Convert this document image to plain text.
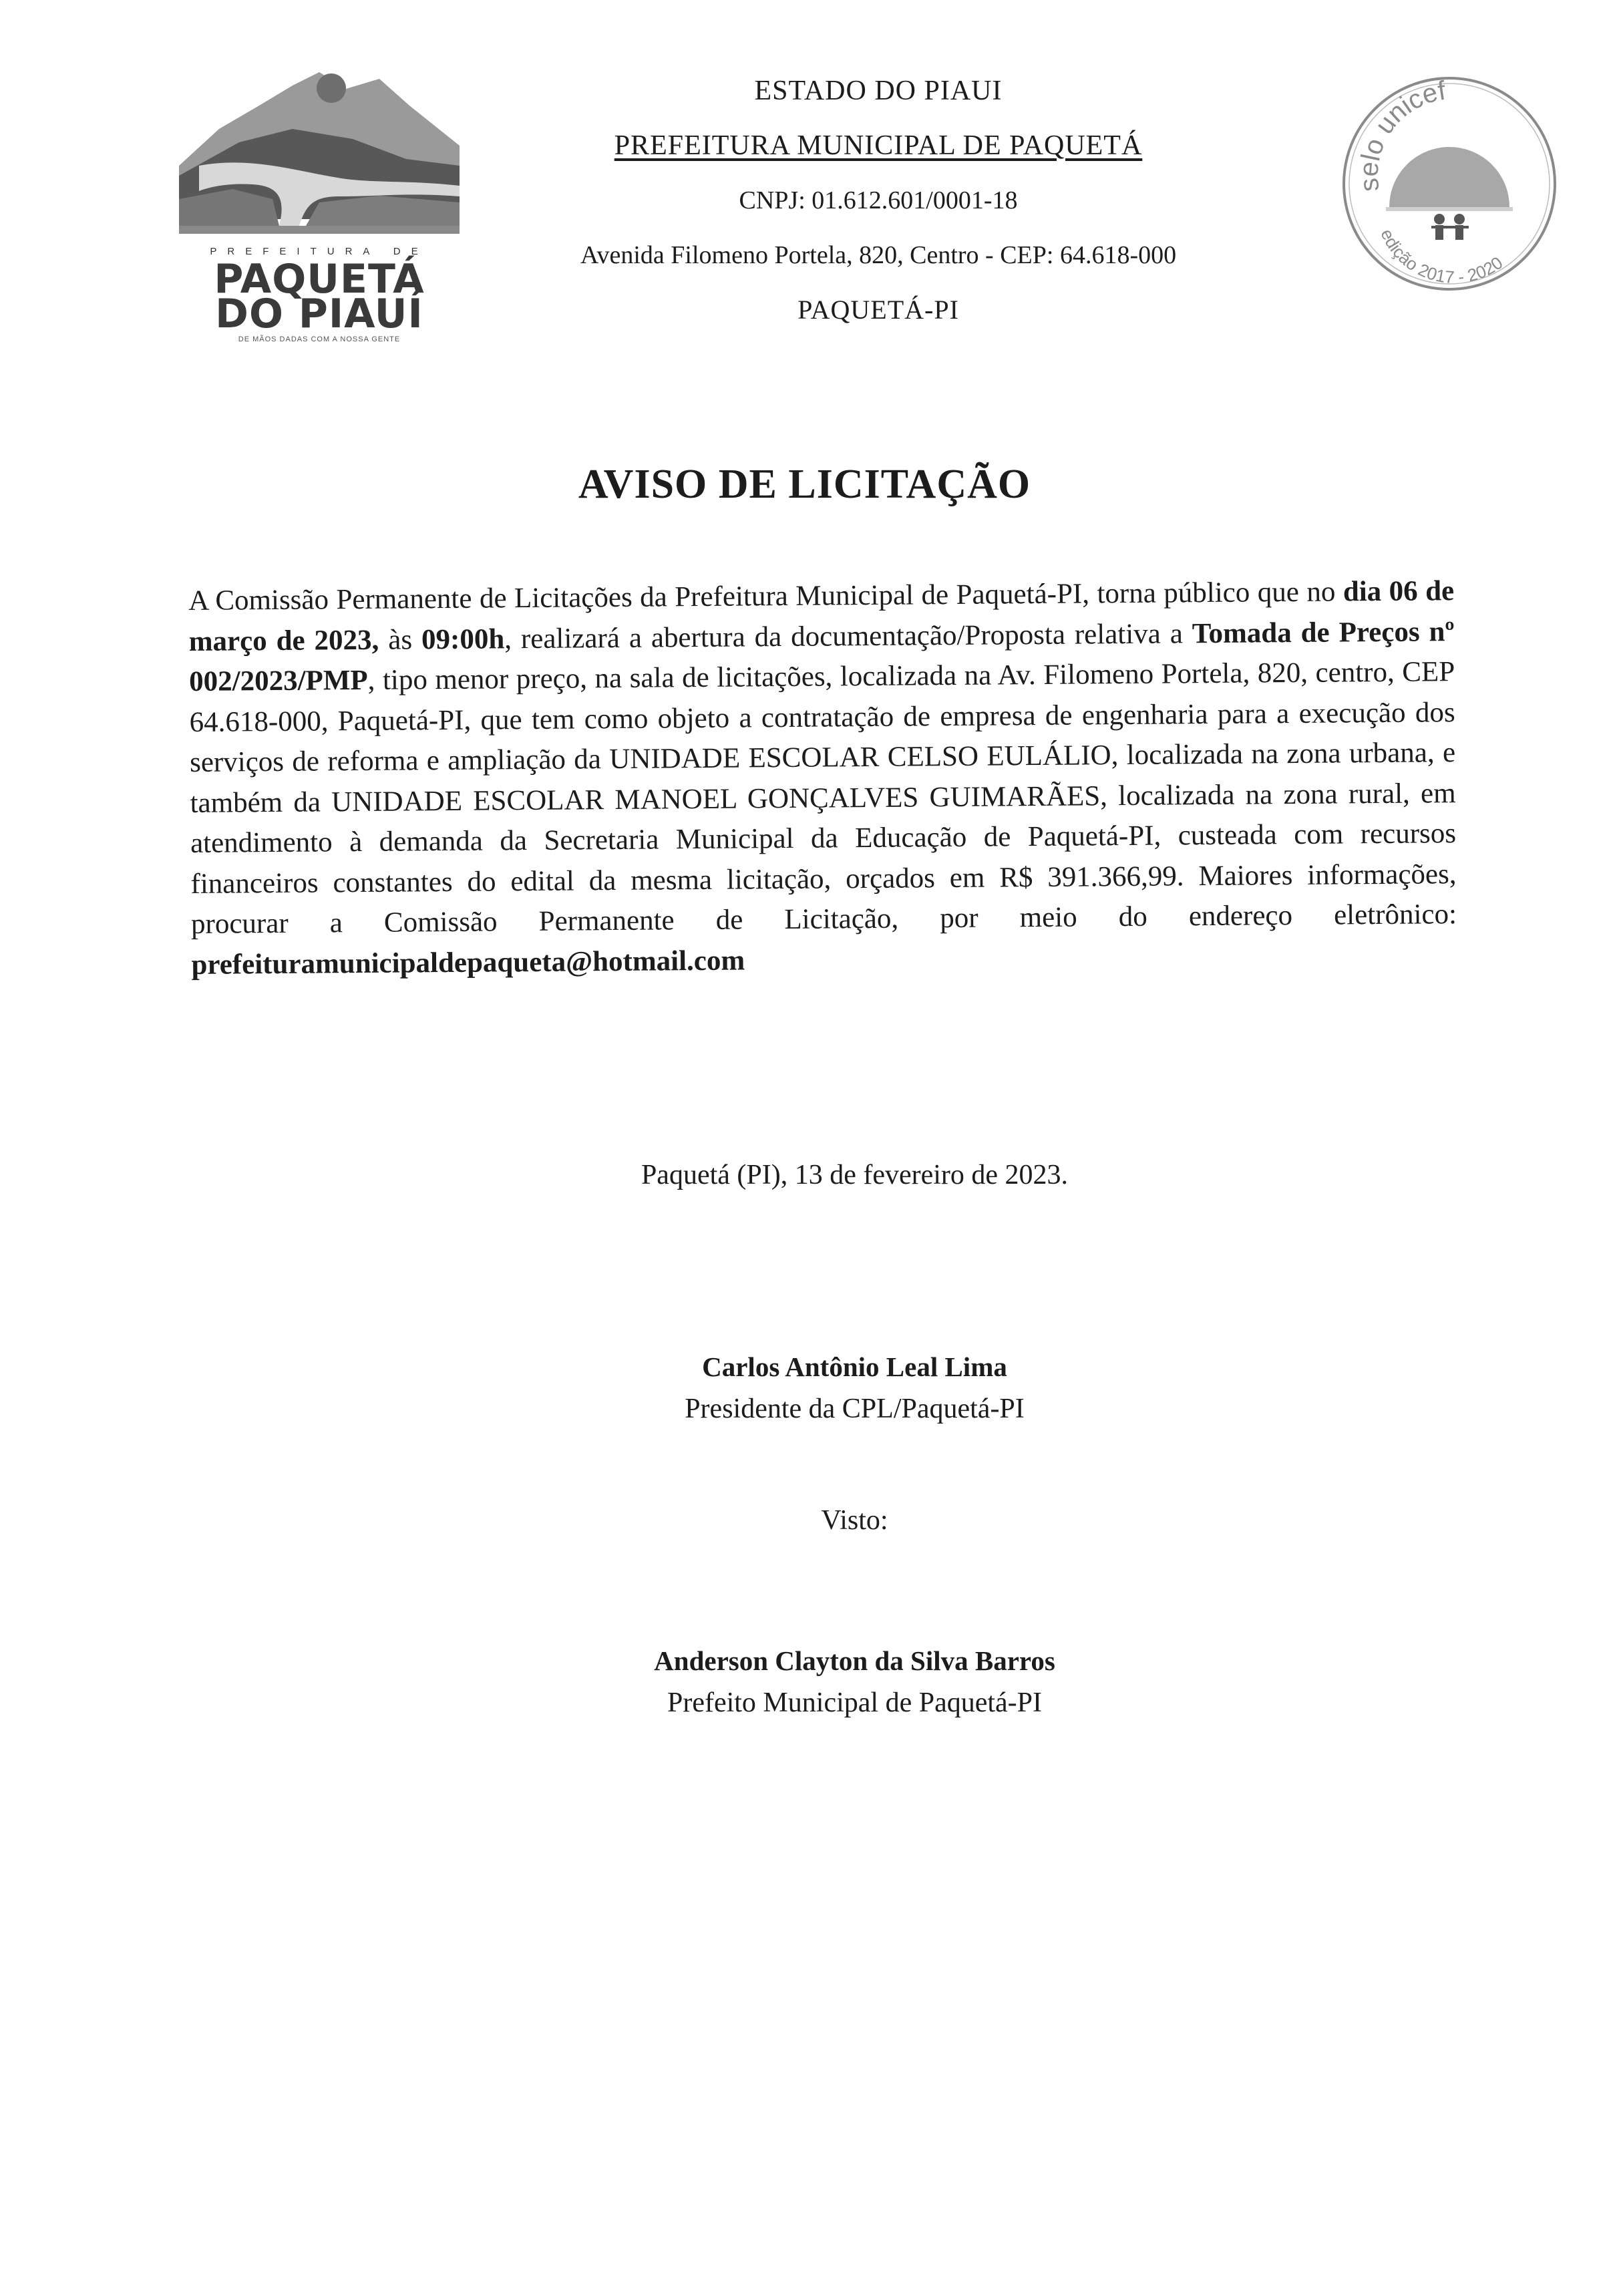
PREFEITURA DE
PAQUETÁ
DO PIAUÍ
DE MÃOS DADAS COM A NOSSA GENTE
ESTADO DO PIAUI
PREFEITURA MUNICIPAL DE PAQUETÁ
CNPJ: 01.612.601/0001-18
Avenida Filomeno Portela, 820, Centro - CEP: 64.618-000
PAQUETÁ-PI
selo unicef
edição 2017 - 2020
AVISO DE LICITAÇÃO
A Comissão Permanente de Licitações da Prefeitura Municipal de Paquetá-PI, torna público que no dia 06 de março de 2023, às 09:00h, realizará a abertura da documentação/Proposta relativa a Tomada de Preços nº 002/2023/PMP, tipo menor preço, na sala de licitações, localizada na Av. Filomeno Portela, 820, centro, CEP 64.618-000, Paquetá-PI, que tem como objeto a contratação de empresa de engenharia para a execução dos serviços de reforma e ampliação da UNIDADE ESCOLAR CELSO EULÁLIO, localizada na zona urbana, e também da UNIDADE ESCOLAR MANOEL GONÇALVES GUIMARÃES, localizada na zona rural, em atendimento à demanda da Secretaria Municipal da Educação de Paquetá-PI, custeada com recursos financeiros constantes do edital da mesma licitação, orçados em R$ 391.366,99. Maiores informações, procurar a Comissão Permanente de Licitação, por meio do endereço eletrônico: prefeituramunicipaldepaqueta@hotmail.com
Paquetá (PI), 13 de fevereiro de 2023.
Carlos Antônio Leal Lima
Presidente da CPL/Paquetá-PI
Visto:
Anderson Clayton da Silva Barros
Prefeito Municipal de Paquetá-PI
